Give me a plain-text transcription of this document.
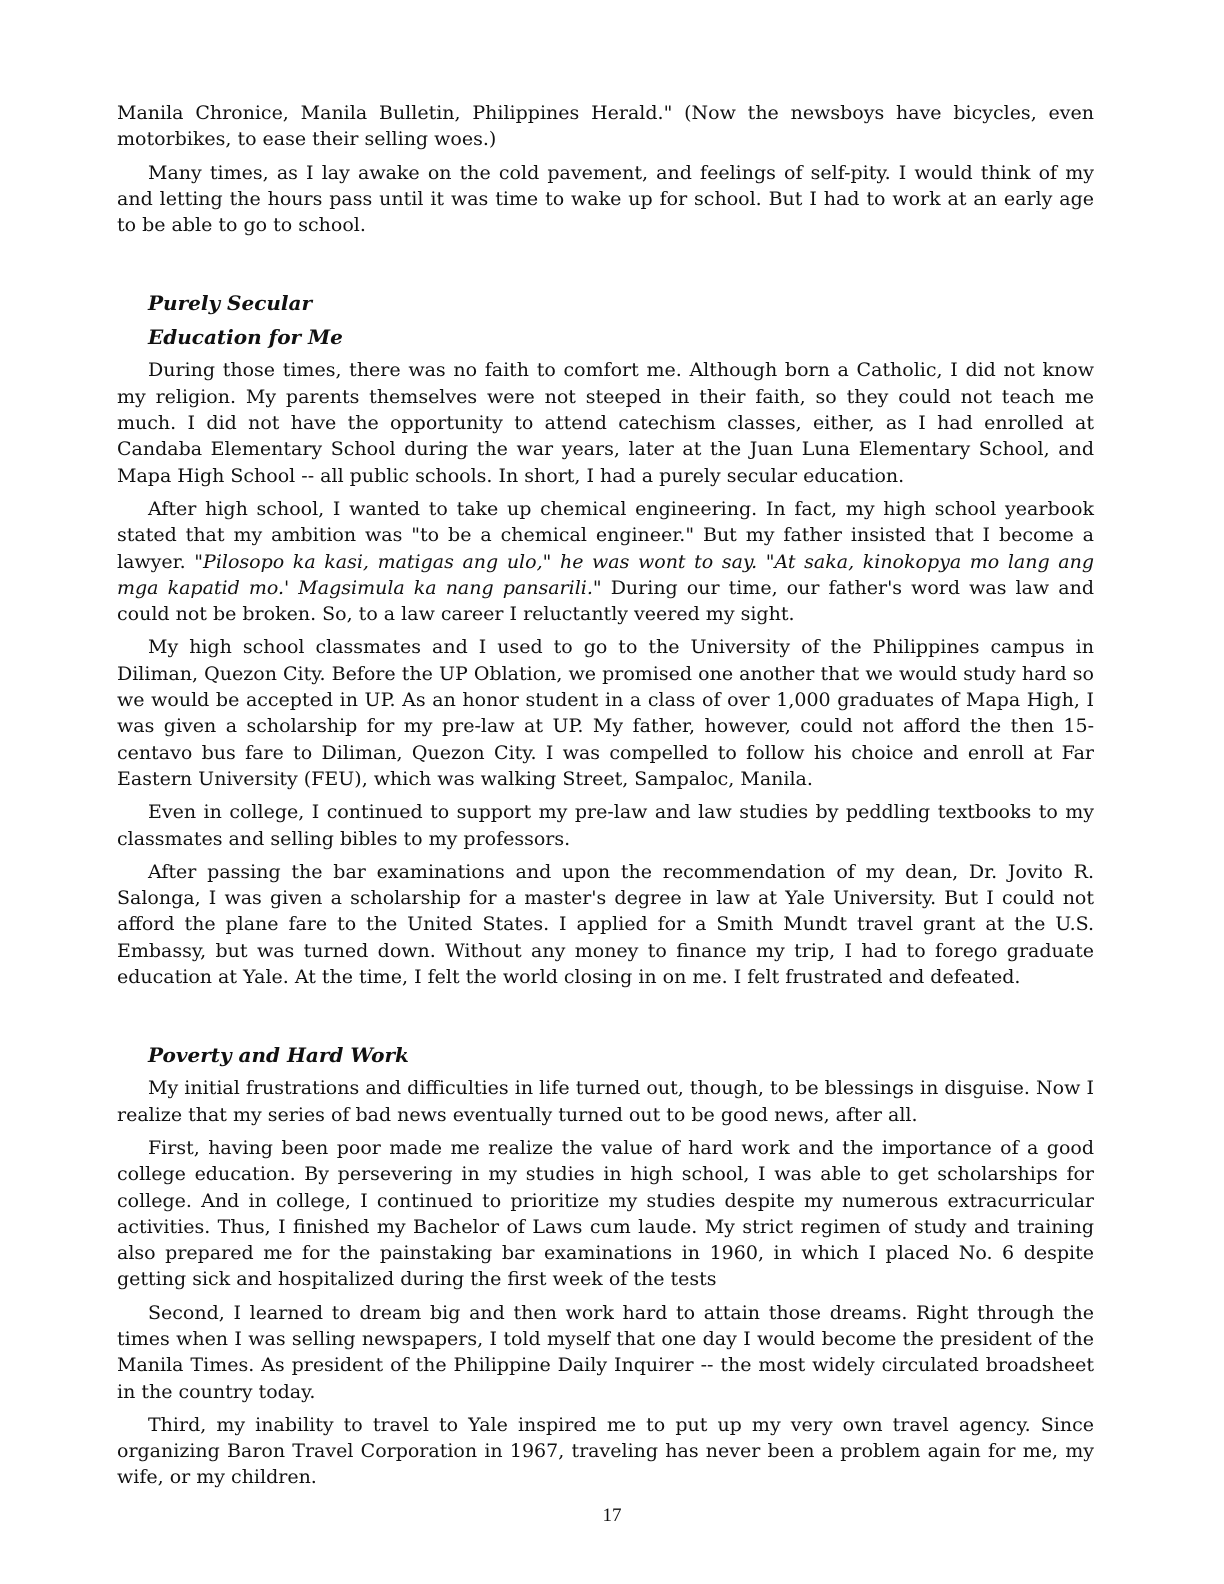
Manila Chronice, Manila Bulletin, Philippines Herald." (Now the newsboys have bicycles, even motorbikes, to ease their selling woes.)

Many times, as I lay awake on the cold pavement, and feelings of self-pity. I would think of my and letting the hours pass until it was time to wake up for school. But I had to work at an early age to be able to go to school.

Purely Secular
Education for Me

During those times, there was no faith to comfort me. Although born a Catholic, I did not know my religion. My parents themselves were not steeped in their faith, so they could not teach me much. I did not have the opportunity to attend catechism classes, either, as I had enrolled at Candaba Elementary School during the war years, later at the Juan Luna Elementary School, and Mapa High School -- all public schools. In short, I had a purely secular education.

After high school, I wanted to take up chemical engineering. In fact, my high school yearbook stated that my ambition was "to be a chemical engineer." But my father insisted that I become a lawyer. "Pilosopo ka kasi, matigas ang ulo," he was wont to say. "At saka, kinokopya mo lang ang mga kapatid mo.' Magsimula ka nang pansarili." During our time, our father's word was law and could not be broken. So, to a law career I reluctantly veered my sight.

My high school classmates and I used to go to the University of the Philippines campus in Diliman, Quezon City. Before the UP Oblation, we promised one another that we would study hard so we would be accepted in UP. As an honor student in a class of over 1,000 graduates of Mapa High, I was given a scholarship for my pre-law at UP. My father, however, could not afford the then 15-centavo bus fare to Diliman, Quezon City. I was compelled to follow his choice and enroll at Far Eastern University (FEU), which was walking Street, Sampaloc, Manila.

Even in college, I continued to support my pre-law and law studies by peddling textbooks to my classmates and selling bibles to my professors.

After passing the bar examinations and upon the recommendation of my dean, Dr. Jovito R. Salonga, I was given a scholarship for a master's degree in law at Yale University. But I could not afford the plane fare to the United States. I applied for a Smith Mundt travel grant at the U.S. Embassy, but was turned down. Without any money to finance my trip, I had to forego graduate education at Yale. At the time, I felt the world closing in on me. I felt frustrated and defeated.

Poverty and Hard Work

My initial frustrations and difficulties in life turned out, though, to be blessings in disguise. Now I realize that my series of bad news eventually turned out to be good news, after all.

First, having been poor made me realize the value of hard work and the importance of a good college education. By persevering in my studies in high school, I was able to get scholarships for college. And in college, I continued to prioritize my studies despite my numerous extracurricular activities. Thus, I finished my Bachelor of Laws cum laude. My strict regimen of study and training also prepared me for the painstaking bar examinations in 1960, in which I placed No. 6 despite getting sick and hospitalized during the first week of the tests

Second, I learned to dream big and then work hard to attain those dreams. Right through the times when I was selling newspapers, I told myself that one day I would become the president of the Manila Times. As president of the Philippine Daily Inquirer -- the most widely circulated broadsheet in the country today.

Third, my inability to travel to Yale inspired me to put up my very own travel agency. Since organizing Baron Travel Corporation in 1967, traveling has never been a problem again for me, my wife, or my children.

17
